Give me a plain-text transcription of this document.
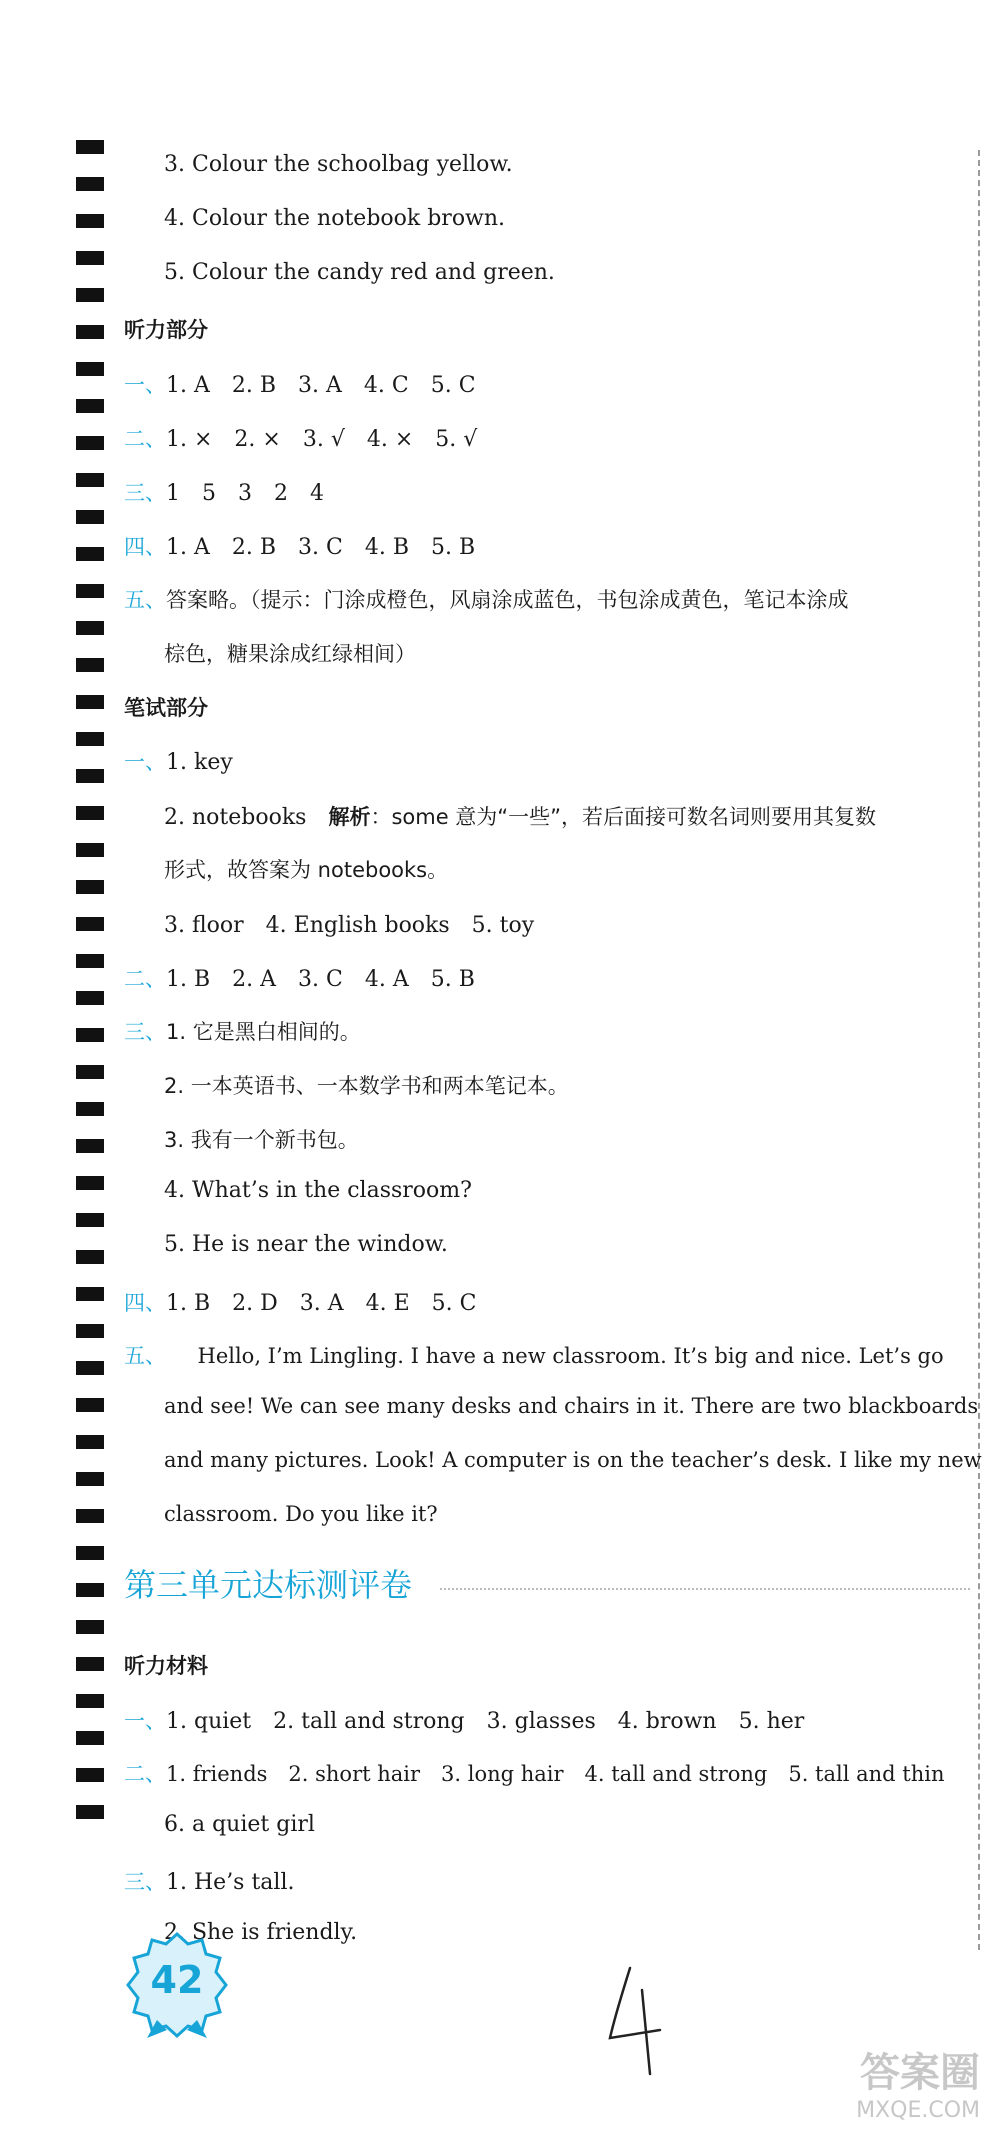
3. Colour the schoolbag yellow.
4. Colour the notebook brown.
5. Colour the candy red and green.
听力部分
一、1. A　2. B　3. A　4. C　5. C
二、1. ×　2. ×　3. √　4. ×　5. √
三、1　5　3　2　4
四、1. A　2. B　3. C　4. B　5. B
五、答案略。（提示：门涂成橙色，风扇涂成蓝色，书包涂成黄色，笔记本涂成
棕色，糖果涂成红绿相间）
笔试部分
一、1. key
2. notebooks　解析：some 意为“一些”，若后面接可数名词则要用其复数
形式，故答案为 notebooks。
3. floor　4. English books　5. toy
二、1. B　2. A　3. C　4. A　5. B
三、1. 它是黑白相间的。
2. 一本英语书、一本数学书和两本笔记本。
3. 我有一个新书包。
4. What’s in the classroom?
5. He is near the window.
四、1. B　2. D　3. A　4. E　5. C
五、　　Hello, I’m Lingling. I have a new classroom. It’s big and nice. Let’s go
and see! We can see many desks and chairs in it. There are two blackboards
and many pictures. Look! A computer is on the teacher’s desk. I like my new
classroom. Do you like it?
第三单元达标测评卷
听力材料
一、1. quiet　2. tall and strong　3. glasses　4. brown　5. her
二、1. friends　2. short hair　3. long hair　4. tall and strong　5. tall and thin
6. a quiet girl
三、1. He’s tall.
2. She is friendly.
42
答案圈
MXQE.COM
